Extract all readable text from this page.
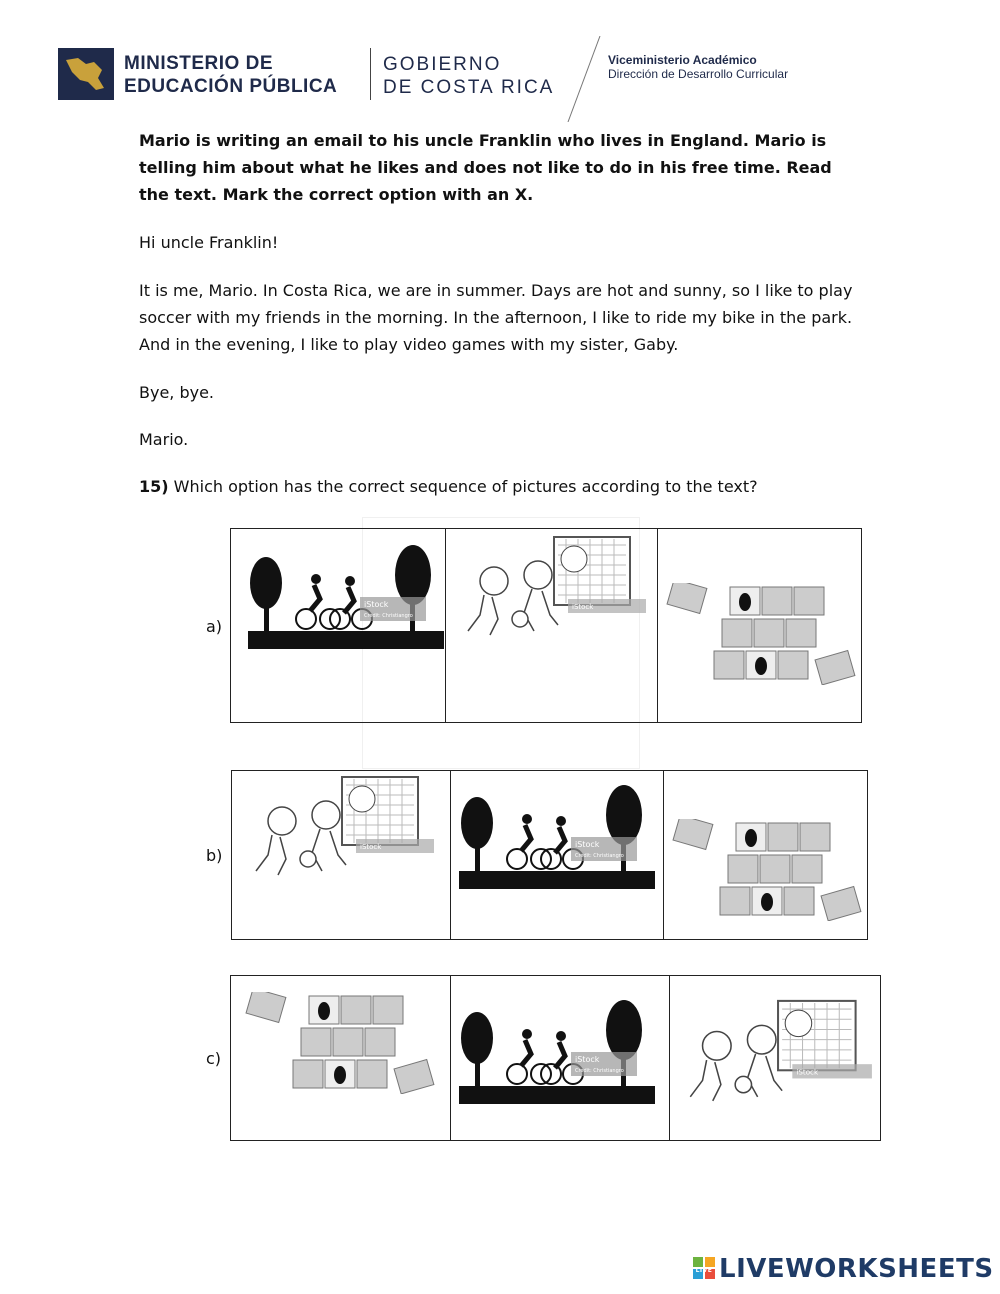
MINISTERIO DE
EDUCACIÓN PÚBLICA
GOBIERNO
DE COSTA RICA
Viceministerio Académico
Dirección de Desarrollo Curricular
Mario is writing an email to his uncle Franklin who lives in England. Mario is telling him about what he likes and does not like to do in his free time. Read the text. Mark the correct option with an X.
Hi uncle Franklin!
It is me, Mario. In Costa Rica, we are in summer. Days are hot and sunny, so I like to play soccer with my friends in the morning. In the afternoon, I like to ride my bike in the park. And in the evening, I like to play video games with my sister, Gaby.
Bye, bye.
Mario.
15) Which option has the correct sequence of pictures according to the text?
a)
iStock
Credit: Christiangro
iStock
b)	iStock	iStock
Credit: Christiangro
c)	iStock
Credit: Christiangro	iStock
LIVE LIVEWORKSHEETS
